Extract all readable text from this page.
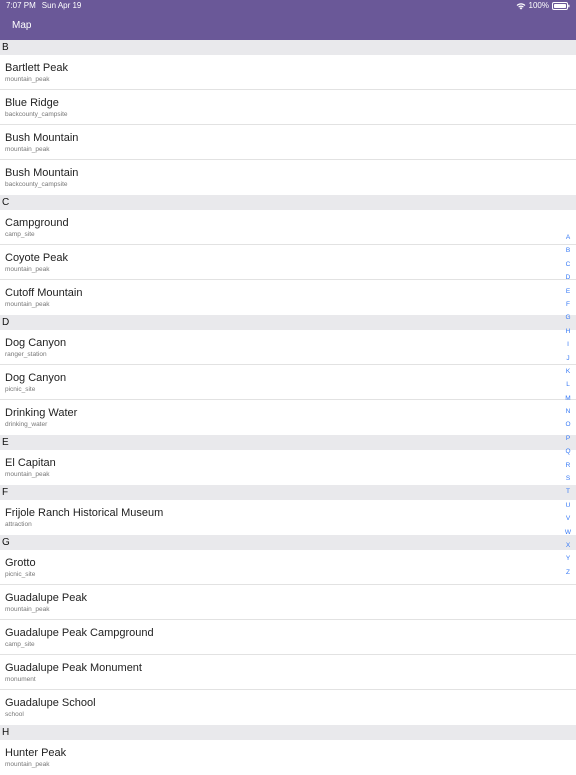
7:07 PM Sun Apr 19	100%
Map
B
Bartlett Peak
mountain_peak
Blue Ridge
backcounty_campsite
Bush Mountain
mountain_peak
Bush Mountain
backcounty_campsite
C
Campground
camp_site
Coyote Peak
mountain_peak
Cutoff Mountain
mountain_peak
D
Dog Canyon
ranger_station
Dog Canyon
picnic_site
Drinking Water
drinking_water
E
El Capitan
mountain_peak
F
Frijole Ranch Historical Museum
attraction
G
Grotto
picnic_site
Guadalupe Peak
mountain_peak
Guadalupe Peak Campground
camp_site
Guadalupe Peak Monument
monument
Guadalupe School
school
H
Hunter Peak
mountain_peak
A
B
C
D
E
F
G
H
I
J
K
L
M
N
O
P
Q
R
S
T
U
V
W
X
Y
Z
